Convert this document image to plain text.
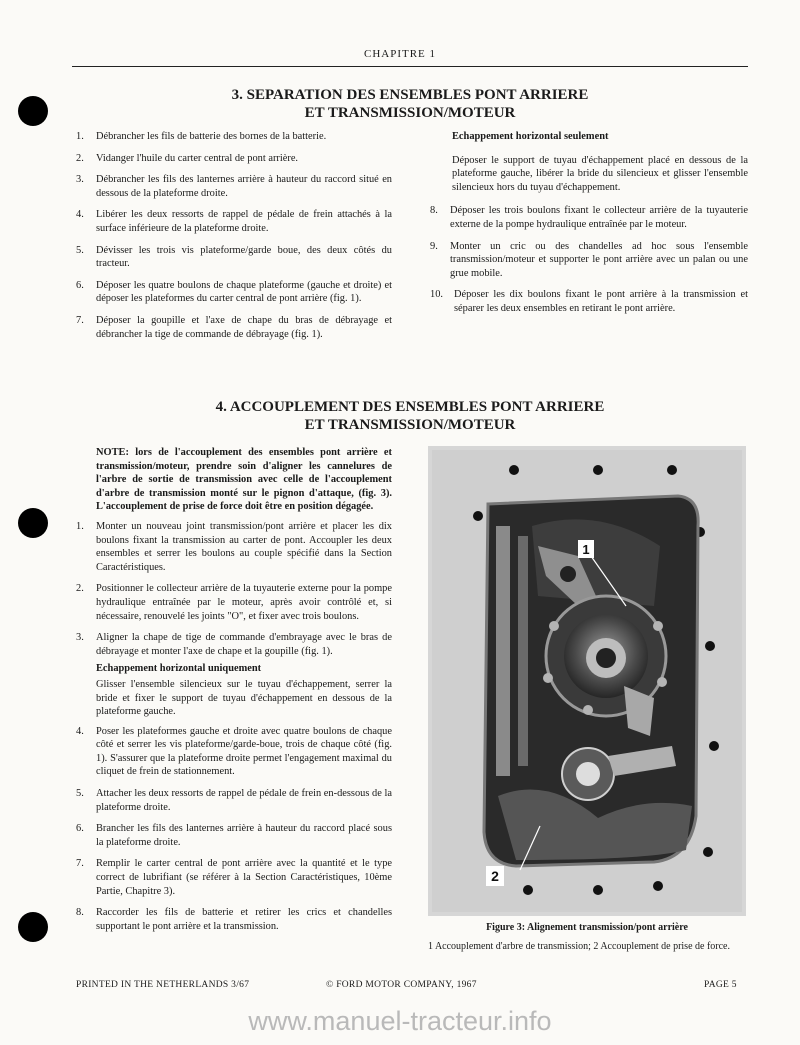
CHAPITRE 1
3. SEPARATION DES ENSEMBLES PONT ARRIERE
ET TRANSMISSION/MOTEUR
1.	Débrancher les fils de batterie des bornes de la batterie.
2.	Vidanger l'huile du carter central de pont arrière.
3.	Débrancher les fils des lanternes arrière à hauteur du raccord situé en dessous de la plateforme droite.
4.	Libérer les deux ressorts de rappel de pédale de frein attachés à la surface inférieure de la plateforme droite.
5.	Dévisser les trois vis plateforme/garde boue, des deux côtés du tracteur.
6.	Déposer les quatre boulons de chaque plateforme (gauche et droite) et déposer les plateformes du carter central de pont arrière (fig. 1).
7.	Déposer la goupille et l'axe de chape du bras de débrayage et débrancher la tige de commande de débrayage (fig. 1).
Echappement horizontal seulement
Déposer le support de tuyau d'échappement placé en dessous de la plateforme gauche, libérer la bride du silencieux et glisser l'ensemble silencieux hors du tuyau d'échappement.
8.	Déposer les trois boulons fixant le collecteur arrière de la tuyauterie externe de la pompe hydraulique entraînée par le moteur.
9.	Monter un cric ou des chandelles ad hoc sous l'ensemble transmission/moteur et supporter le pont arrière avec un palan ou une grue mobile.
10.	Déposer les dix boulons fixant le pont arrière à la transmission et séparer les deux ensembles en retirant le pont arrière.
4. ACCOUPLEMENT DES ENSEMBLES PONT ARRIERE
ET TRANSMISSION/MOTEUR
NOTE: lors de l'accouplement des ensembles pont arrière et transmission/moteur, prendre soin d'aligner les cannelures de l'arbre de sortie de transmission avec celle de l'accouplement d'arbre de transmission monté sur le pignon d'attaque, (fig. 3). L'accouplement de prise de force doit être en position dégagée.
1.	Monter un nouveau joint transmission/pont arrière et placer les dix boulons fixant la transmission au carter de pont. Accoupler les deux ensembles et serrer les boulons au couple spécifié dans la Section Caractéristiques.
2.	Positionner le collecteur arrière de la tuyauterie externe pour la pompe hydraulique entraînée par le moteur, après avoir contrôlé et, si nécessaire, renouvelé les joints "O", et fixer avec trois boulons.
3.	Aligner la chape de tige de commande d'embrayage avec le bras de débrayage et monter l'axe de chape et la goupille (fig. 1).
Echappement horizontal uniquement
Glisser l'ensemble silencieux sur le tuyau d'échappement, serrer la bride et fixer le support de tuyau d'échappement en dessous de la plateforme gauche.
4.	Poser les plateformes gauche et droite avec quatre boulons de chaque côté et serrer les vis plateforme/garde-boue, trois de chaque côté (fig. 1). S'assurer que la plateforme droite permet l'engagement maximal du cliquet de frein de stationnement.
5.	Attacher les deux ressorts de rappel de pédale de frein en-dessous de la plateforme droite.
6.	Brancher les fils des lanternes arrière à hauteur du raccord placé sous la plateforme droite.
7.	Remplir le carter central de pont arrière avec la quantité et le type correct de lubrifiant (se référer à la Section Caractéristiques, 10ème Partie, Chapitre 3).
8.	Raccorder les fils de batterie et retirer les crics et chandelles supportant le pont arrière et la transmission.
1
2
Figure 3: Alignement transmission/pont arrière
1 Accouplement d'arbre de transmission; 2 Accouplement de prise de force.
PRINTED IN THE NETHERLANDS 3/67	© FORD MOTOR COMPANY, 1967	PAGE 5
www.manuel-tracteur.info
